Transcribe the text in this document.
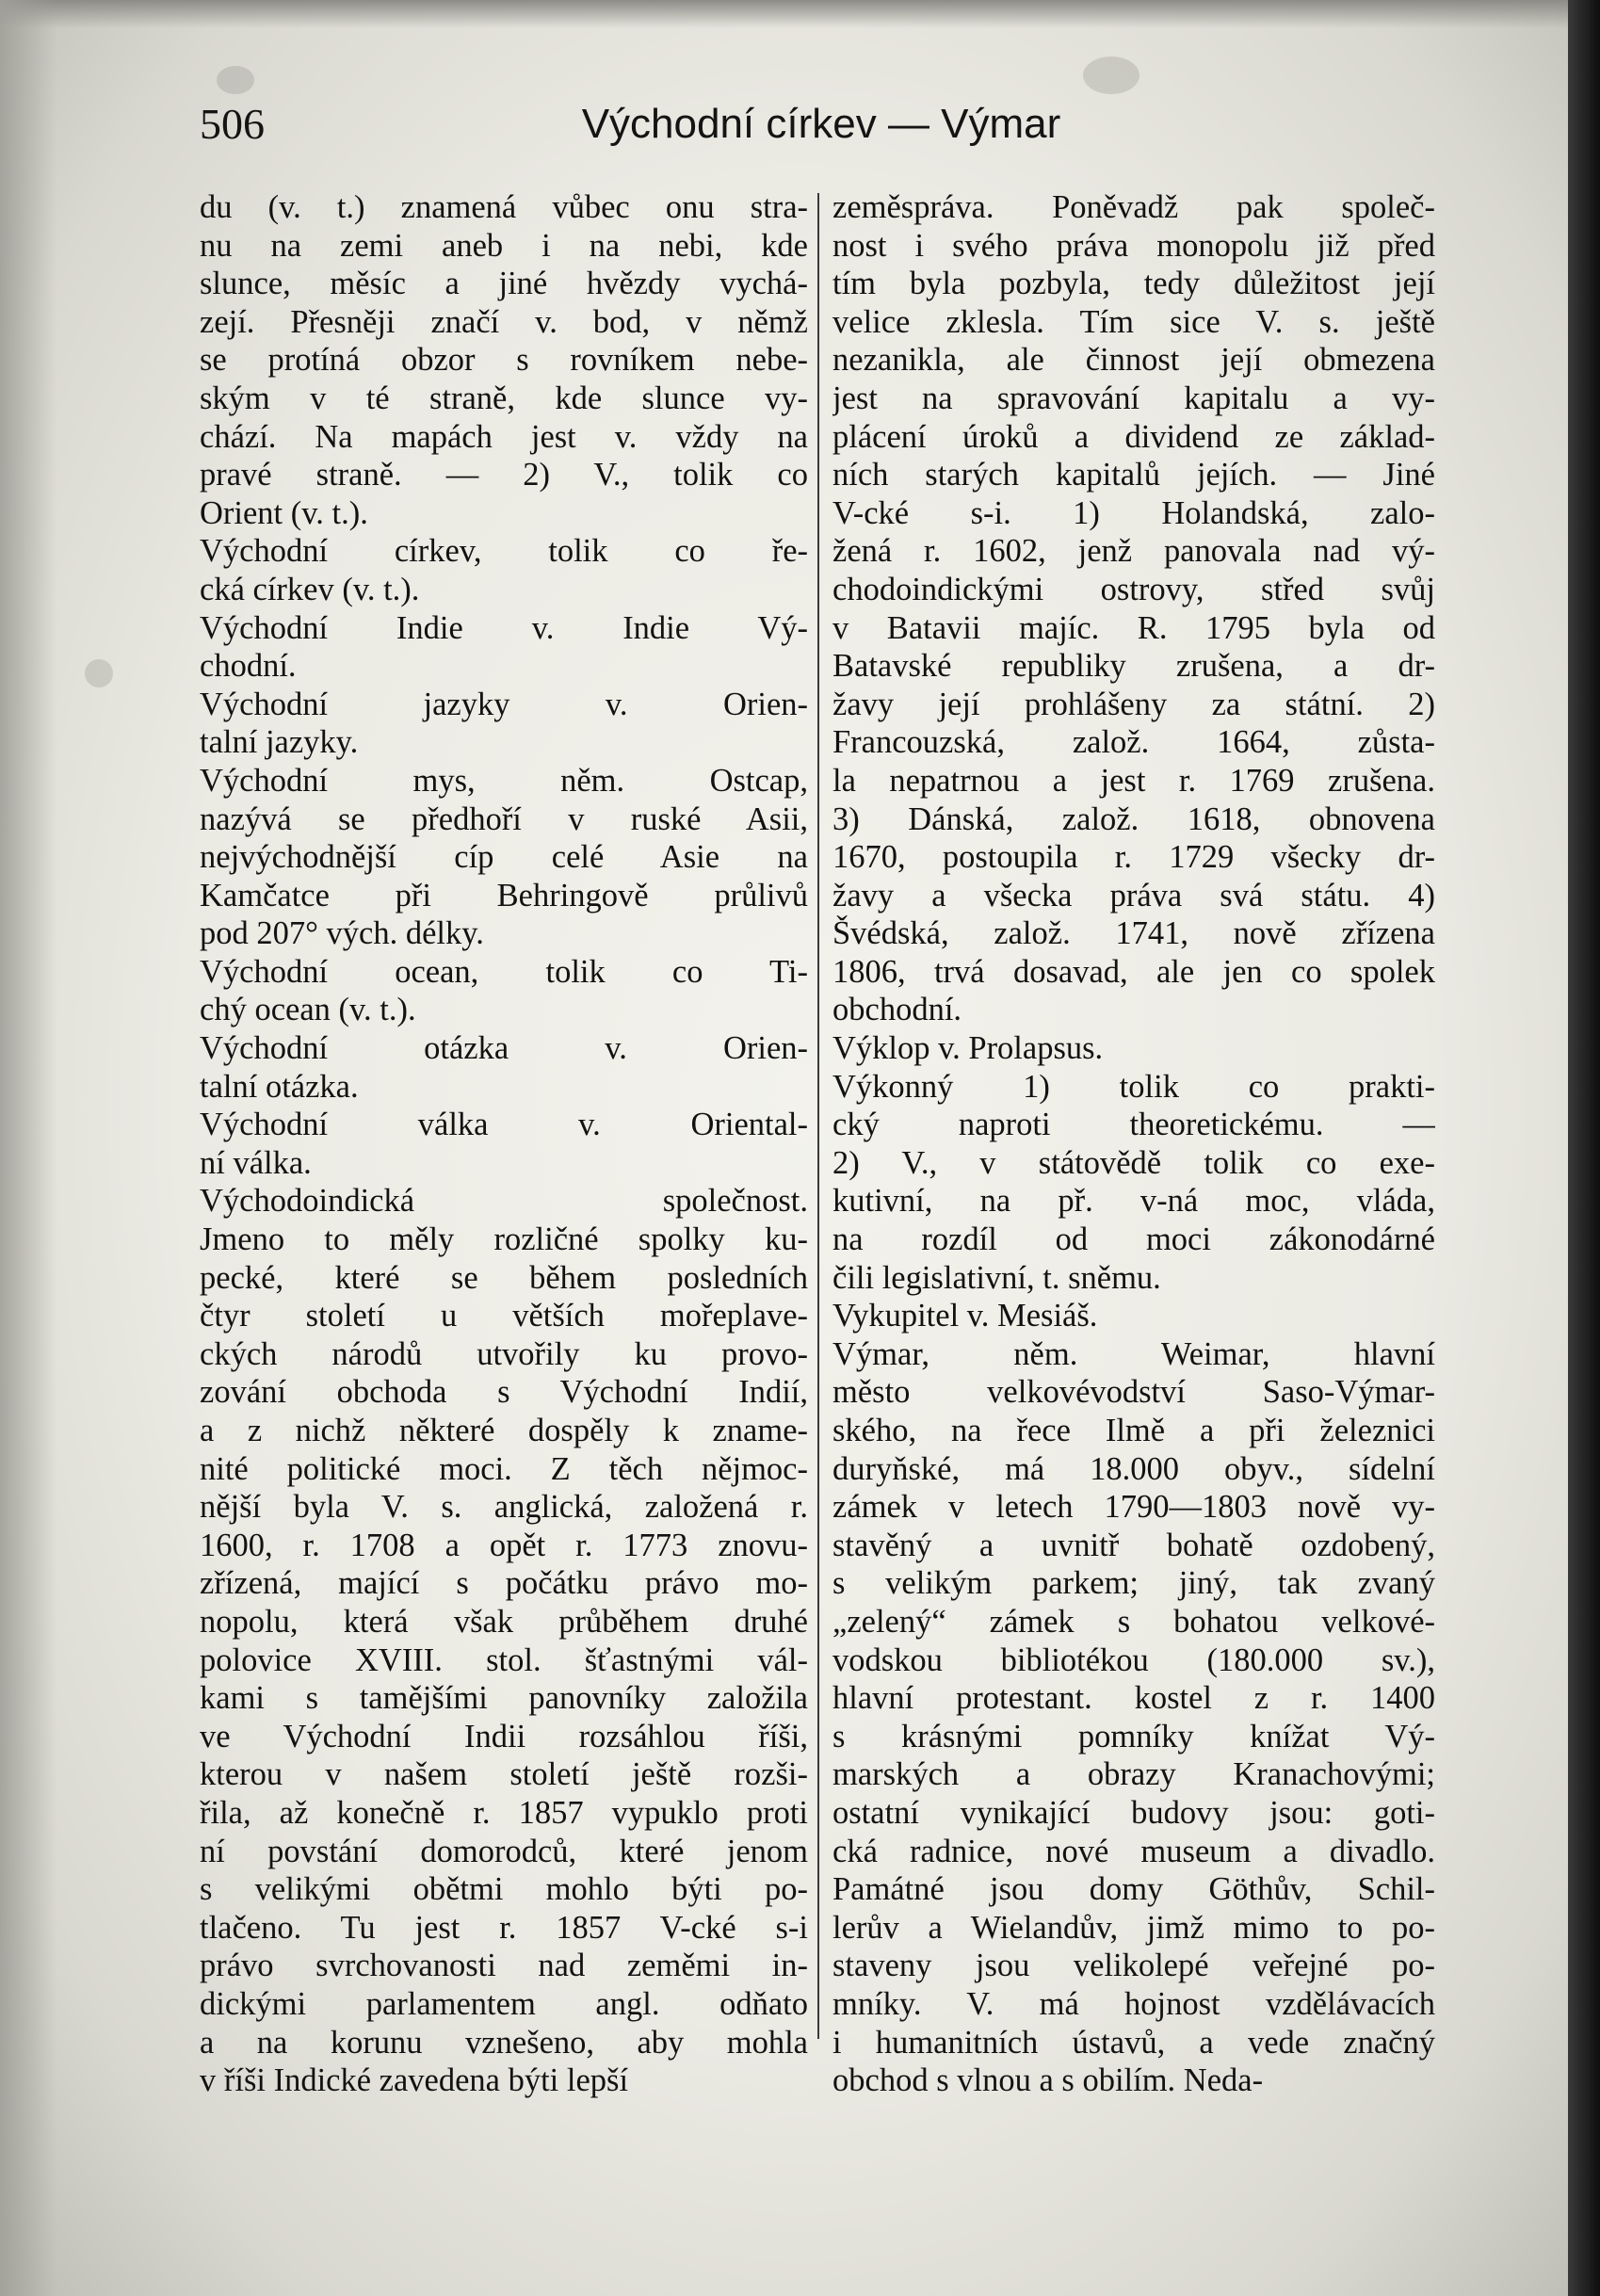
506	Východní církev — Výmar
du (v. t.) znamená vůbec onu stra-
nu na zemi aneb i na nebi, kde
slunce, měsíc a jiné hvězdy vychá-
zejí. Přesněji značí v. bod, v němž
se protíná obzor s rovníkem nebe-
ským v té straně, kde slunce vy-
chází. Na mapách jest v. vždy na
pravé straně. — 2) V., tolik co
Orient (v. t.).
Východní církev, tolik co ře-
cká církev (v. t.).
Východní Indie v. Indie Vý-
chodní.
Východní jazyky v. Orien-
talní jazyky.
Východní mys, něm. Ostcap,
nazývá se předhoří v ruské Asii,
nejvýchodnější cíp celé Asie na
Kamčatce při Behringově průlivů
pod 207° vých. délky.
Východní ocean, tolik co Ti-
chý ocean (v. t.).
Východní otázka v. Orien-
talní otázka.
Východní válka v. Oriental-
ní válka.
Východoindická společnost.
Jmeno to měly rozličné spolky ku-
pecké, které se během posledních
čtyr století u větších mořeplave-
ckých národů utvořily ku provo-
zování obchoda s Východní Indií,
a z nichž některé dospěly k zname-
nité politické moci. Z těch nějmoc-
nější byla V. s. anglická, založená r.
1600, r. 1708 a opět r. 1773 znovu-
zřízená, mající s počátku právo mo-
nopolu, která však průběhem druhé
polovice XVIII. stol. šťastnými vál-
kami s tamějšími panovníky založila
ve Východní Indii rozsáhlou říši,
kterou v našem století ještě rozši-
řila, až konečně r. 1857 vypuklo proti
ní povstání domorodců, které jenom
s velikými obětmi mohlo býti po-
tlačeno. Tu jest r. 1857 V-cké s-i
právo svrchovanosti nad zeměmi in-
dickými parlamentem angl. odňato
a na korunu vznešeno, aby mohla
v říši Indické zavedena býti lepší
zeměspráva. Poněvadž pak společ-
nost i svého práva monopolu již před
tím byla pozbyla, tedy důležitost její
velice zklesla. Tím sice V. s. ještě
nezanikla, ale činnost její obmezena
jest na spravování kapitalu a vy-
plácení úroků a dividend ze základ-
ních starých kapitalů jejích. — Jiné
V-cké s-i. 1) Holandská, zalo-
žená r. 1602, jenž panovala nad vý-
chodoindickými ostrovy, střed svůj
v Batavii majíc. R. 1795 byla od
Batavské republiky zrušena, a dr-
žavy její prohlášeny za státní. 2)
Francouzská, založ. 1664, zůsta-
la nepatrnou a jest r. 1769 zrušena.
3) Dánská, založ. 1618, obnovena
1670, postoupila r. 1729 všecky dr-
žavy a všecka práva svá státu. 4)
Švédská, založ. 1741, nově zřízena
1806, trvá dosavad, ale jen co spolek
obchodní.
Výklop v. Prolapsus.
Výkonný 1) tolik co prakti-
cký naproti theoretickému. —
2) V., v státovědě tolik co exe-
kutivní, na př. v-ná moc, vláda,
na rozdíl od moci zákonodárné
čili legislativní, t. sněmu.
Vykupitel v. Mesiáš.
Výmar, něm. Weimar, hlavní
město velkovévodství Saso-Výmar-
ského, na řece Ilmě a při železnici
duryňské, má 18.000 obyv., sídelní
zámek v letech 1790—1803 nově vy-
stavěný a uvnitř bohatě ozdobený,
s velikým parkem; jiný, tak zvaný
„zelený“ zámek s bohatou velkové-
vodskou bibliotékou (180.000 sv.),
hlavní protestant. kostel z r. 1400
s krásnými pomníky knížat Vý-
marských a obrazy Kranachovými;
ostatní vynikající budovy jsou: goti-
cká radnice, nové museum a divadlo.
Památné jsou domy Göthův, Schil-
lerův a Wielandův, jimž mimo to po-
staveny jsou velikolepé veřejné po-
mníky. V. má hojnost vzdělávacích
i humanitních ústavů, a vede značný
obchod s vlnou a s obilím. Neda-
